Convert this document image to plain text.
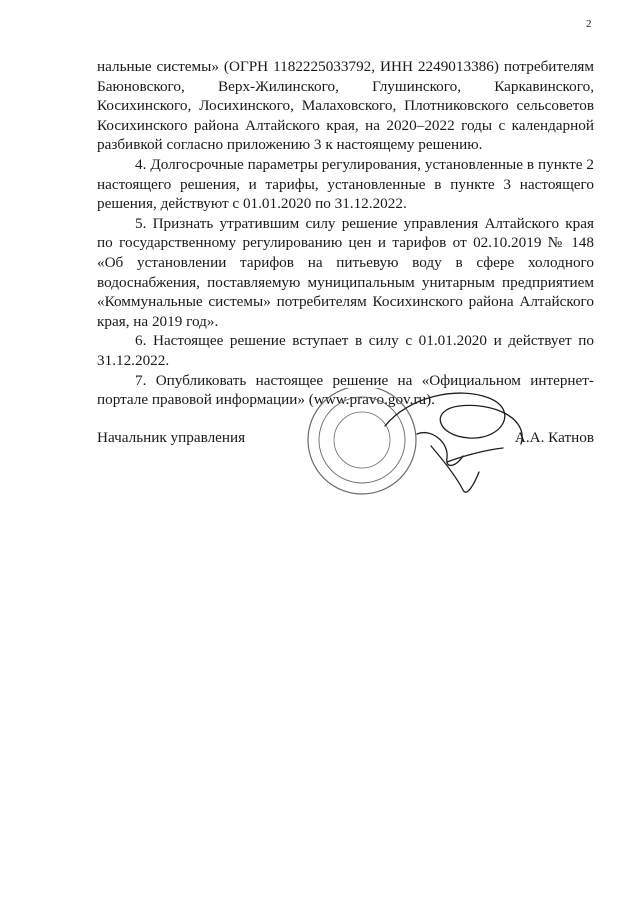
2

нальные системы» (ОГРН 1182225033792, ИНН 2249013386) потребителям Баюновского, Верх-Жилинского, Глушинского, Каркавинского, Косихинского, Лосихинского, Малаховского, Плотниковского сельсоветов Косихинского района Алтайского края, на 2020–2022 годы с календарной разбивкой согласно приложению 3 к настоящему решению.

4. Долгосрочные параметры регулирования, установленные в пункте 2 настоящего решения, и тарифы, установленные в пункте 3 настоящего решения, действуют с 01.01.2020 по 31.12.2022.

5. Признать утратившим силу решение управления Алтайского края по государственному регулированию цен и тарифов от 02.10.2019 № 148 «Об установлении тарифов на питьевую воду в сфере холодного водоснабжения, поставляемую муниципальным унитарным предприятием «Коммунальные системы» потребителям Косихинского района Алтайского края, на 2019 год».

6. Настоящее решение вступает в силу с 01.01.2020 и действует по 31.12.2022.

7. Опубликовать настоящее решение на «Официальном интернет-портале правовой информации» (www.pravo.gov.ru).

Начальник управления	А.А. Катнов
